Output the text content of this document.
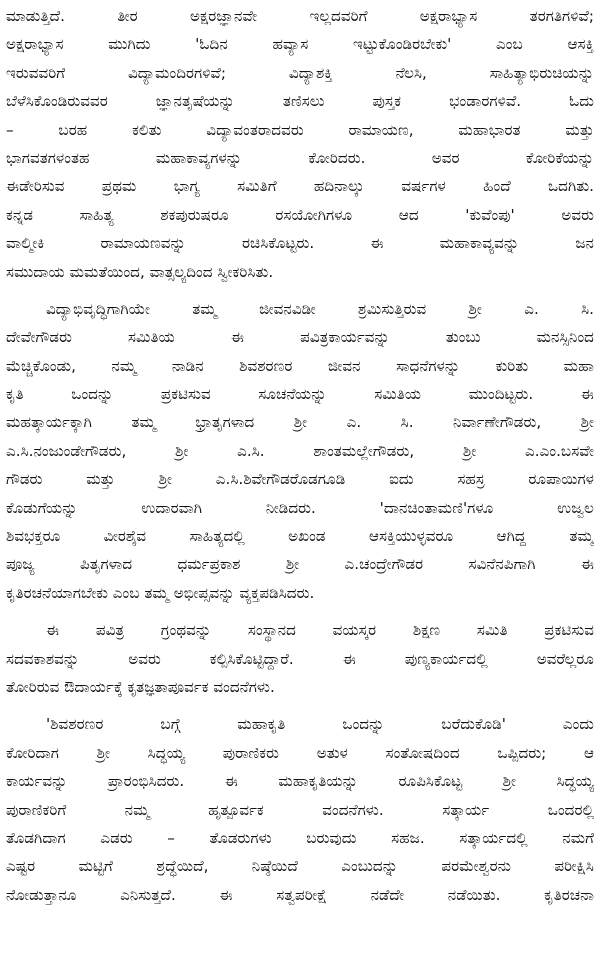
ಮಾಡುತ್ತಿದೆ. ತೀರ ಅಕ್ಷರಜ್ಞಾನವೇ ಇಲ್ಲದವರಿಗೆ ಅಕ್ಷರಾಭ್ಯಾಸ ತರಗತಿಗಳಿವೆ;
ಅಕ್ಷರಾಭ್ಯಾಸ ಮುಗಿದು 'ಓದಿನ ಹವ್ಯಾಸ ಇಟ್ಟುಕೊಂಡಿರಬೇಕು' ಎಂಬ ಆಸಕ್ತಿ
ಇರುವವರಿಗೆ ವಿದ್ಯಾಮಂದಿರಗಳಿವೆ; ವಿದ್ಯಾಶಕ್ತಿ ನೆಲಸಿ, ಸಾಹಿತ್ಯಾಭಿರುಚಿಯನ್ನು
ಬೆಳೆಸಿಕೊಂಡಿರುವವರ ಜ್ಞಾನತೃಷೆಯನ್ನು ತಣಿಸಲು ಪುಸ್ತಕ ಭಂಡಾರಗಳಿವೆ. ಓದು
– ಬರಹ ಕಲಿತು ವಿದ್ಯಾವಂತರಾದವರು ರಾಮಾಯಣ, ಮಹಾಭಾರತ ಮತ್ತು
ಭಾಗವತಗಳಂತಹ ಮಹಾಕಾವ್ಯಗಳನ್ನು ಕೋರಿದರು. ಅವರ ಕೋರಿಕೆಯನ್ನು
ಈಡೇರಿಸುವ ಪ್ರಥಮ ಭಾಗ್ಯ ಸಮಿತಿಗೆ ಹದಿನಾಲ್ಕು ವರ್ಷಗಳ ಹಿಂದೆ ಒದಗಿತು.
ಕನ್ನಡ ಸಾಹಿತ್ಯ ಶಕಪುರುಷರೂ ರಸಯೋಗಿಗಳೂ ಆದ 'ಕುವೆಂಪು' ಅವರು
ವಾಲ್ಮೀಕಿ ರಾಮಾಯಣವನ್ನು ರಚಿಸಿಕೊಟ್ಟರು. ಈ ಮಹಾಕಾವ್ಯವನ್ನು ಜನ
ಸಮುದಾಯ ಮಮತೆಯಿಂದ, ವಾತ್ಸಲ್ಯದಿಂದ ಸ್ವೀಕರಿಸಿತು.
ವಿದ್ಯಾಭಿವೃದ್ಧಿಗಾಗಿಯೇ ತಮ್ಮ ಜೀವನವಿಡೀ ಶ್ರಮಿಸುತ್ತಿರುವ ಶ್ರೀ ಎ. ಸಿ.
ದೇವೇಗೌಡರು ಸಮಿತಿಯ ಈ ಪವಿತ್ರಕಾರ್ಯವನ್ನು ತುಂಬು ಮನಸ್ಸಿನಿಂದ
ಮೆಚ್ಚಿಕೊಂಡು, ನಮ್ಮ ನಾಡಿನ ಶಿವಶರಣರ ಜೀವನ ಸಾಧನೆಗಳನ್ನು ಕುರಿತು ಮಹಾ
ಕೃತಿ ಒಂದನ್ನು ಪ್ರಕಟಿಸುವ ಸೂಚನೆಯನ್ನು ಸಮಿತಿಯ ಮುಂದಿಟ್ಟರು. ಈ
ಮಹತ್ಕಾರ್ಯಕ್ಕಾಗಿ ತಮ್ಮ ಭ್ರಾತೃಗಳಾದ ಶ್ರೀ ಎ. ಸಿ. ನಿರ್ವಾಣೇಗೌಡರು, ಶ್ರೀ
ಎ.ಸಿ.ನಂಜುಂಡೇಗೌಡರು, ಶ್ರೀ ಎ.ಸಿ. ಶಾಂತಮಲ್ಲೇಗೌಡರು, ಶ್ರೀ ಎ.ಎಂ.ಬಸವೇ
ಗೌಡರು ಮತ್ತು ಶ್ರೀ ಎ.ಸಿ.ಶಿವೇಗೌಡರೊಡಗೂಡಿ ಐದು ಸಹಸ್ರ ರೂಪಾಯಿಗಳ
ಕೊಡುಗೆಯನ್ನು ಉದಾರವಾಗಿ ನೀಡಿದರು. 'ದಾನಚಿಂತಾಮಣಿ'ಗಳೂ ಉಜ್ವಲ
ಶಿವಭಕ್ತರೂ ವೀರಶೈವ ಸಾಹಿತ್ಯದಲ್ಲಿ ಅಖಂಡ ಆಸಕ್ತಿಯುಳ್ಳವರೂ ಆಗಿದ್ದ ತಮ್ಮ
ಪೂಜ್ಯ ಪಿತೃಗಳಾದ ಧರ್ಮಪ್ರಕಾಶ ಶ್ರೀ ಎ.ಚಂದ್ರೇಗೌಡರ ಸವಿನೆನಪಿಗಾಗಿ ಈ
ಕೃತಿರಚನೆಯಾಗಬೇಕು ಎಂಬ ತಮ್ಮ ಅಭೀಪ್ಸವನ್ನು ವ್ಯಕ್ತಪಡಿಸಿದರು.
ಈ ಪವಿತ್ರ ಗ್ರಂಥವನ್ನು ಸಂಸ್ಥಾನದ ವಯಸ್ಕರ ಶಿಕ್ಷಣ ಸಮಿತಿ ಪ್ರಕಟಿಸುವ
ಸದವಕಾಶವನ್ನು ಅವರು ಕಲ್ಪಿಸಿಕೊಟ್ಟಿದ್ದಾರೆ. ಈ ಪುಣ್ಯಕಾರ್ಯದಲ್ಲಿ ಅವರೆಲ್ಲರೂ
ತೋರಿರುವ ಔದಾರ್ಯಕ್ಕೆ ಕೃತಜ್ಞತಾಪೂರ್ವಕ ವಂದನೆಗಳು.
'ಶಿವಶರಣರ ಬಗ್ಗೆ ಮಹಾಕೃತಿ ಒಂದನ್ನು ಬರೆದುಕೊಡಿ' ಎಂದು
ಕೋರಿದಾಗ ಶ್ರೀ ಸಿದ್ಧಯ್ಯ ಪುರಾಣಿಕರು ಅತುಳ ಸಂತೋಷದಿಂದ ಒಪ್ಪಿದರು; ಆ
ಕಾರ್ಯವನ್ನು ಪ್ರಾರಂಭಿಸಿದರು. ಈ ಮಹಾಕೃತಿಯನ್ನು ರೂಪಿಸಿಕೊಟ್ಟ ಶ್ರೀ ಸಿದ್ಧಯ್ಯ
ಪುರಾಣಿಕರಿಗೆ ನಮ್ಮ ಹೃತ್ಪೂರ್ವಕ ವಂದನೆಗಳು. ಸತ್ಕಾರ್ಯ ಒಂದರಲ್ಲಿ
ತೊಡಗಿದಾಗ ಎಡರು – ತೊಡರುಗಳು ಬರುವುದು ಸಹಜ. ಸತ್ಕಾರ್ಯದಲ್ಲಿ ನಮಗೆ
ಎಷ್ಟರ ಮಟ್ಟಿಗೆ ಶ್ರದ್ಧೆಯಿದೆ, ನಿಷ್ಠೆಯಿದೆ ಎಂಬುದನ್ನು ಪರಮೇಶ್ವರನು ಪರೀಕ್ಷಿಸಿ
ನೋಡುತ್ತಾನೂ ಎನಿಸುತ್ತದೆ. ಈ ಸತ್ವಪರೀಕ್ಷೆ ನಡೆದೇ ನಡೆಯಿತು. ಕೃತಿರಚನಾ
